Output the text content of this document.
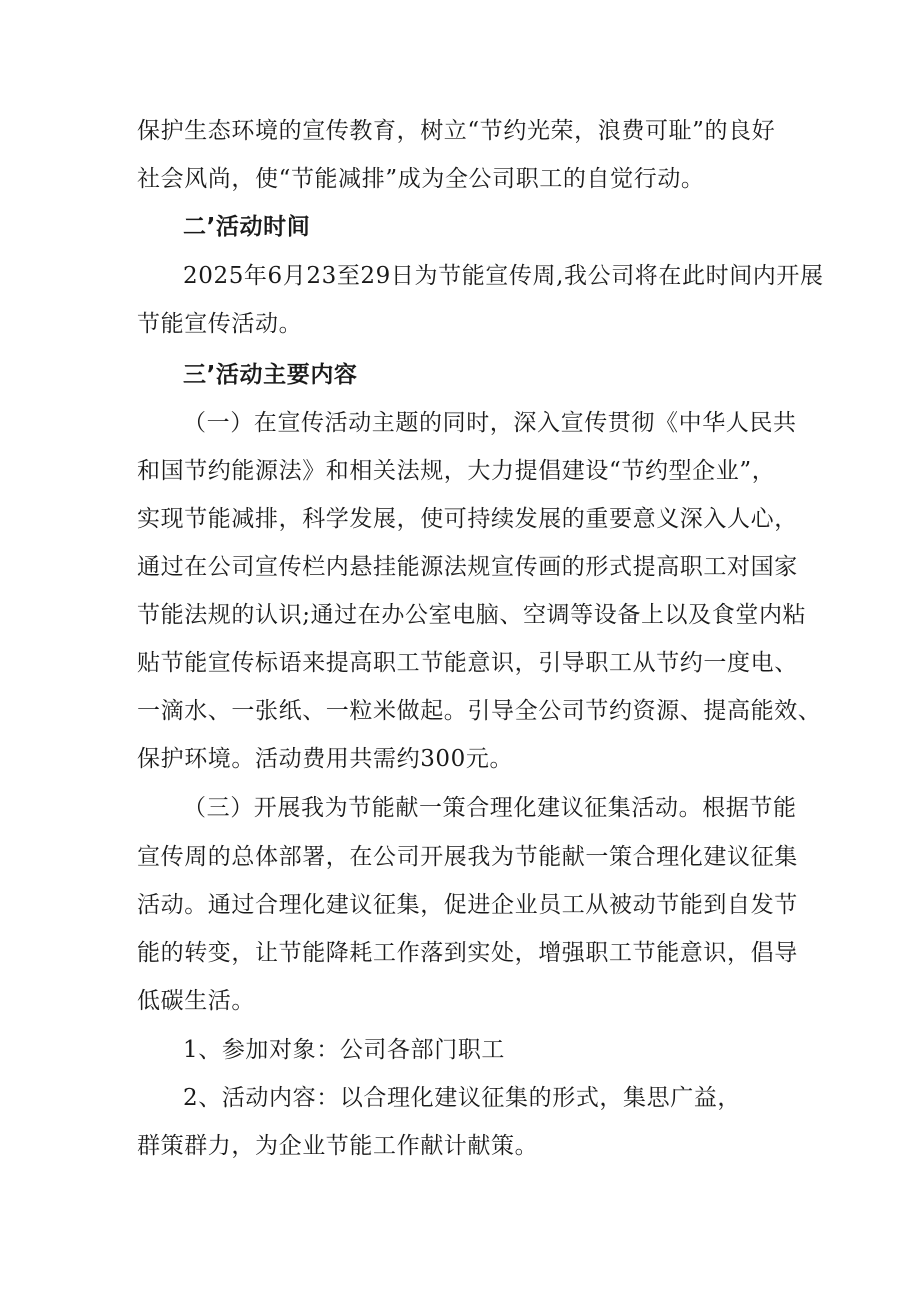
保护生态环境的宣传教育，树立“节约光荣，浪费可耻”的良好
社会风尚，使“节能减排”成为全公司职工的自觉行动。
二’活动时间
2025年6月23至29日为节能宣传周,我公司将在此时间内开展
节能宣传活动。
三’活动主要内容
（一）在宣传活动主题的同时，深入宣传贯彻《中华人民共
和国节约能源法》和相关法规，大力提倡建设“节约型企业”，
实现节能减排，科学发展，使可持续发展的重要意义深入人心，
通过在公司宣传栏内悬挂能源法规宣传画的形式提高职工对国家
节能法规的认识;通过在办公室电脑、空调等设备上以及食堂内粘
贴节能宣传标语来提高职工节能意识，引导职工从节约一度电、
一滴水、一张纸、一粒米做起。引导全公司节约资源、提高能效、
保护环境。活动费用共需约300元。
（三）开展我为节能献一策合理化建议征集活动。根据节能
宣传周的总体部署，在公司开展我为节能献一策合理化建议征集
活动。通过合理化建议征集，促进企业员工从被动节能到自发节
能的转变，让节能降耗工作落到实处，增强职工节能意识，倡导
低碳生活。
1、参加对象：公司各部门职工
2、活动内容：以合理化建议征集的形式，集思广益，
群策群力，为企业节能工作献计献策。
